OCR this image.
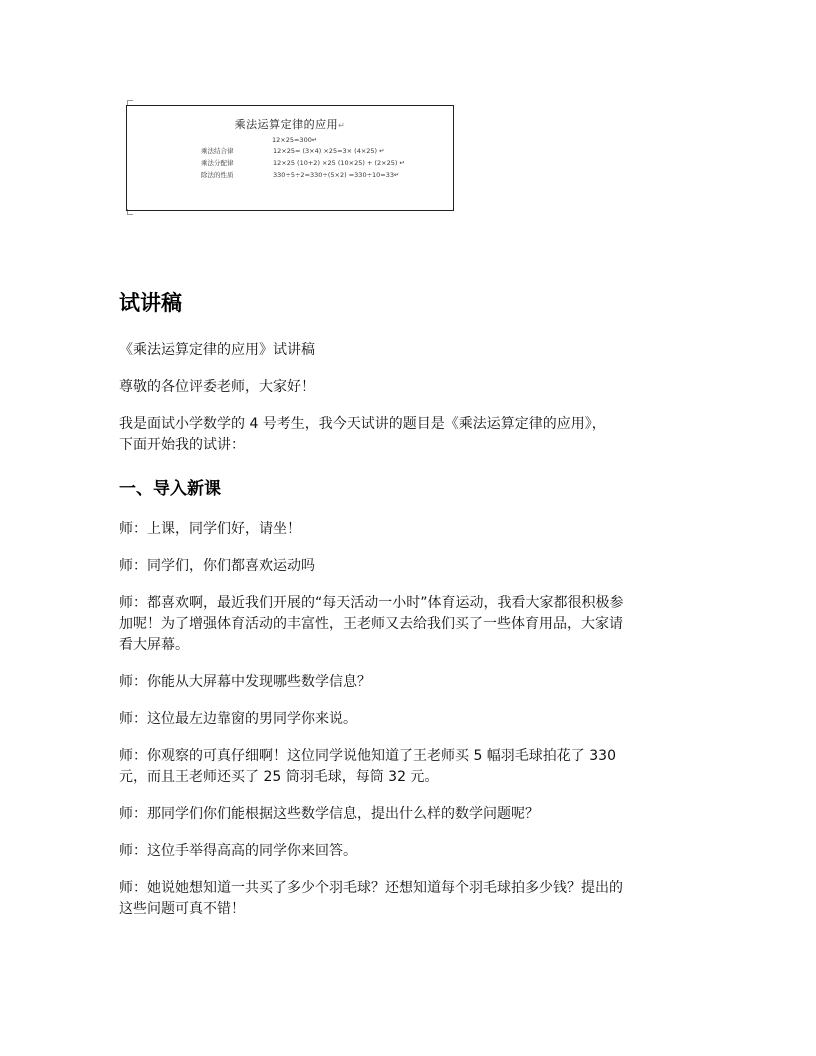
乘法运算定律的应用↵
12×25=300↵
乘法结合律	12×25= (3×4) ×25=3× (4×25) ↵
乘法分配律	12×25 (10+2) ×25 (10×25) + (2×25) ↵
除法的性质	330÷5÷2=330÷(5×2) =330÷10=33↵
试讲稿
《乘法运算定律的应用》试讲稿
尊敬的各位评委老师，大家好！
我是面试小学数学的 4 号考生，我今天试讲的题目是《乘法运算定律的应用》，
下面开始我的试讲：
一、导入新课
师：上课，同学们好，请坐！
师：同学们，你们都喜欢运动吗
师：都喜欢啊，最近我们开展的“每天活动一小时”体育运动，我看大家都很积极参
加呢！为了增强体育活动的丰富性，王老师又去给我们买了一些体育用品，大家请
看大屏幕。
师：你能从大屏幕中发现哪些数学信息？
师：这位最左边靠窗的男同学你来说。
师：你观察的可真仔细啊！这位同学说他知道了王老师买 5 幅羽毛球拍花了 330
元，而且王老师还买了 25 筒羽毛球，每筒 32 元。
师：那同学们你们能根据这些数学信息，提出什么样的数学问题呢？
师：这位手举得高高的同学你来回答。
师：她说她想知道一共买了多少个羽毛球？还想知道每个羽毛球拍多少钱？提出的
这些问题可真不错！
